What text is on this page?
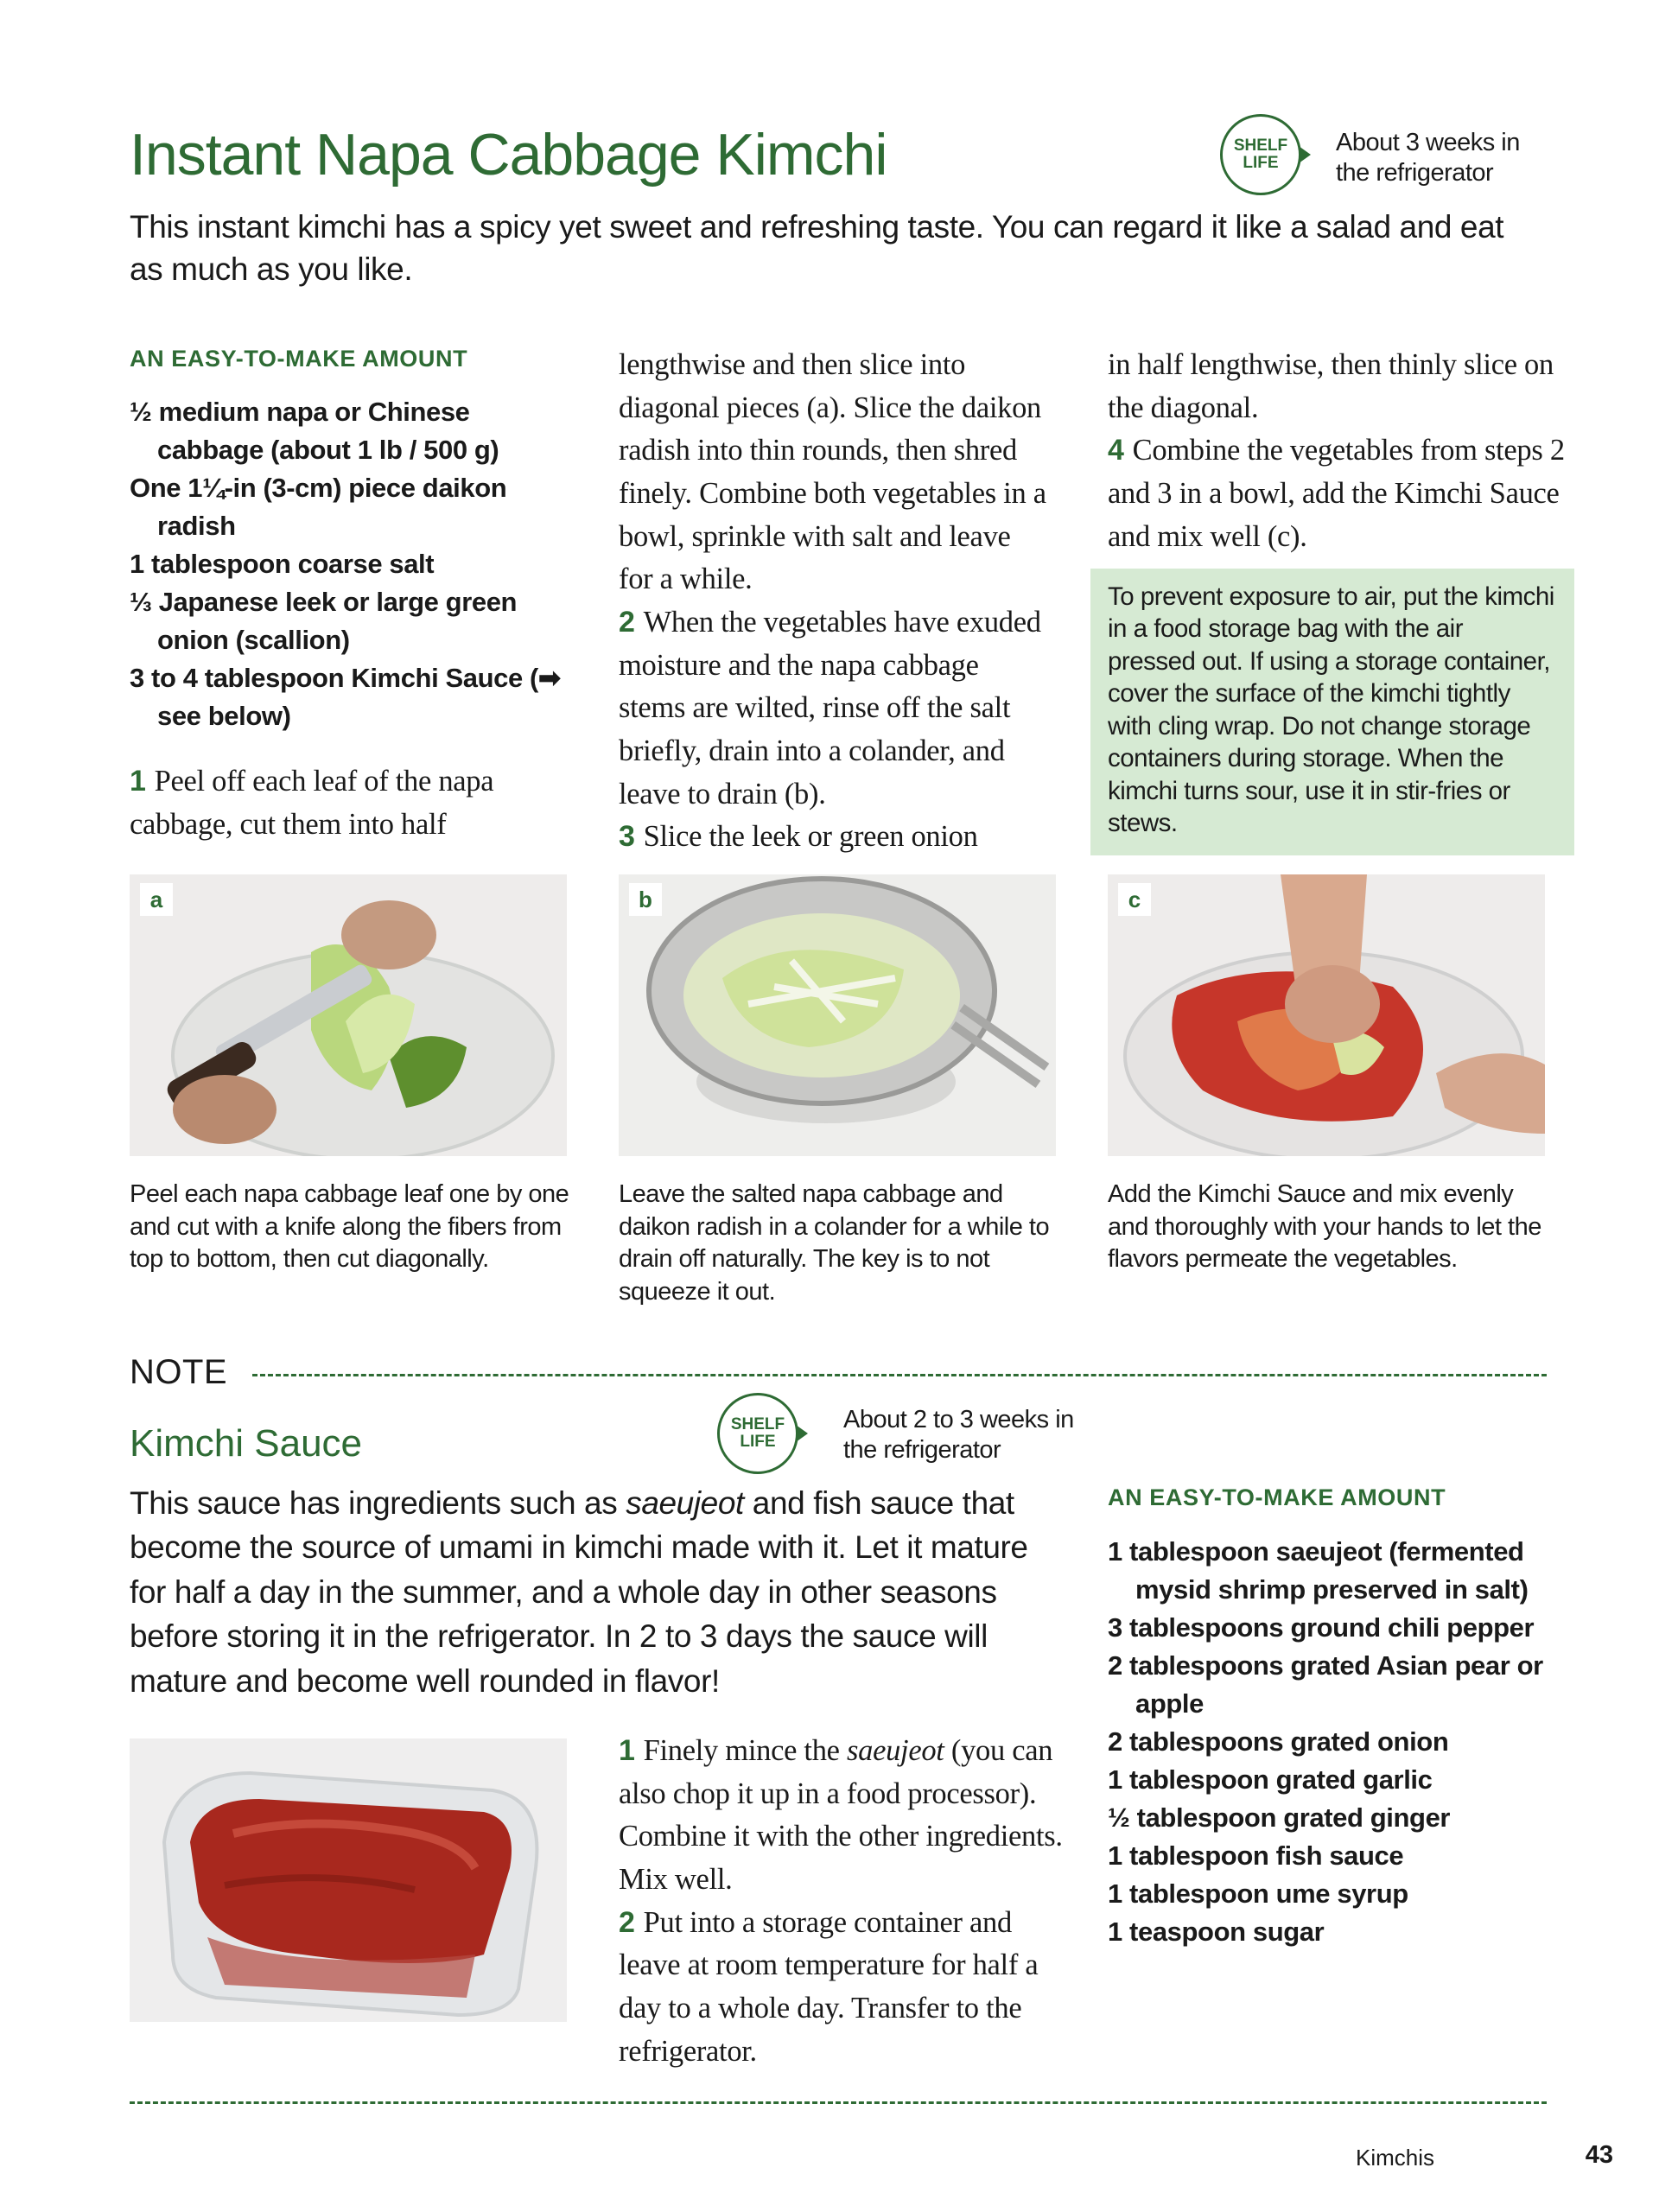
Instant Napa Cabbage Kimchi	SHELF
LIFE
About 3 weeks in the refrigerator
This instant kimchi has a spicy yet sweet and refreshing taste. You can regard it like a salad and eat as much as you like.
AN EASY-TO-MAKE AMOUNT
½ medium napa or Chinese cabbage (about 1 lb / 500 g)
One 1¼-in (3-cm) piece daikon radish
1 tablespoon coarse salt
⅓ Japanese leek or large green onion (scallion)
3 to 4 tablespoon Kimchi Sauce (➡ see below)

1 Peel off each leaf of the napa cabbage, cut them into half

lengthwise and then slice into diagonal pieces (a). Slice the daikon radish into thin rounds, then shred finely. Combine both vegetables in a bowl, sprinkle with salt and leave for a while.

2 When the vegetables have exuded moisture and the napa cabbage stems are wilted, rinse off the salt briefly, drain into a colander, and leave to drain (b).

3 Slice the leek or green onion

in half lengthwise, then thinly slice on the diagonal.

4 Combine the vegetables from steps 2 and 3 in a bowl, add the Kimchi Sauce and mix well (c).

To prevent exposure to air, put the kimchi in a food storage bag with the air pressed out. If using a storage container, cover the surface of the kimchi tightly with cling wrap. Do not change storage containers during storage. When the kimchi turns sour, use it in stir-fries or stews.
a	b	c
Peel each napa cabbage leaf one by one and cut with a knife along the fibers from top to bottom, then cut diagonally.
Leave the salted napa cabbage and daikon radish in a colander for a while to drain off naturally. The key is to not squeeze it out.
Add the Kimchi Sauce and mix evenly and thoroughly with your hands to let the flavors permeate the vegetables.
NOTE
Kimchi Sauce	SHELF
LIFE
About 2 to 3 weeks in the refrigerator
This sauce has ingredients such as saeujeot and fish sauce that become the source of umami in kimchi made with it. Let it mature for half a day in the summer, and a whole day in other seasons before storing it in the refrigerator. In 2 to 3 days the sauce will mature and become well rounded in flavor!

1 Finely mince the saeujeot (you can also chop it up in a food processor). Combine it with the other ingredients. Mix well.

2 Put into a storage container and leave at room temperature for half a day to a whole day. Transfer to the refrigerator.

AN EASY-TO-MAKE AMOUNT
1 tablespoon saeujeot (fermented mysid shrimp preserved in salt)
3 tablespoons ground chili pepper
2 tablespoons grated Asian pear or apple
2 tablespoons grated onion
1 tablespoon grated garlic
½ tablespoon grated ginger
1 tablespoon fish sauce
1 tablespoon ume syrup
1 teaspoon sugar
Kimchis	43
